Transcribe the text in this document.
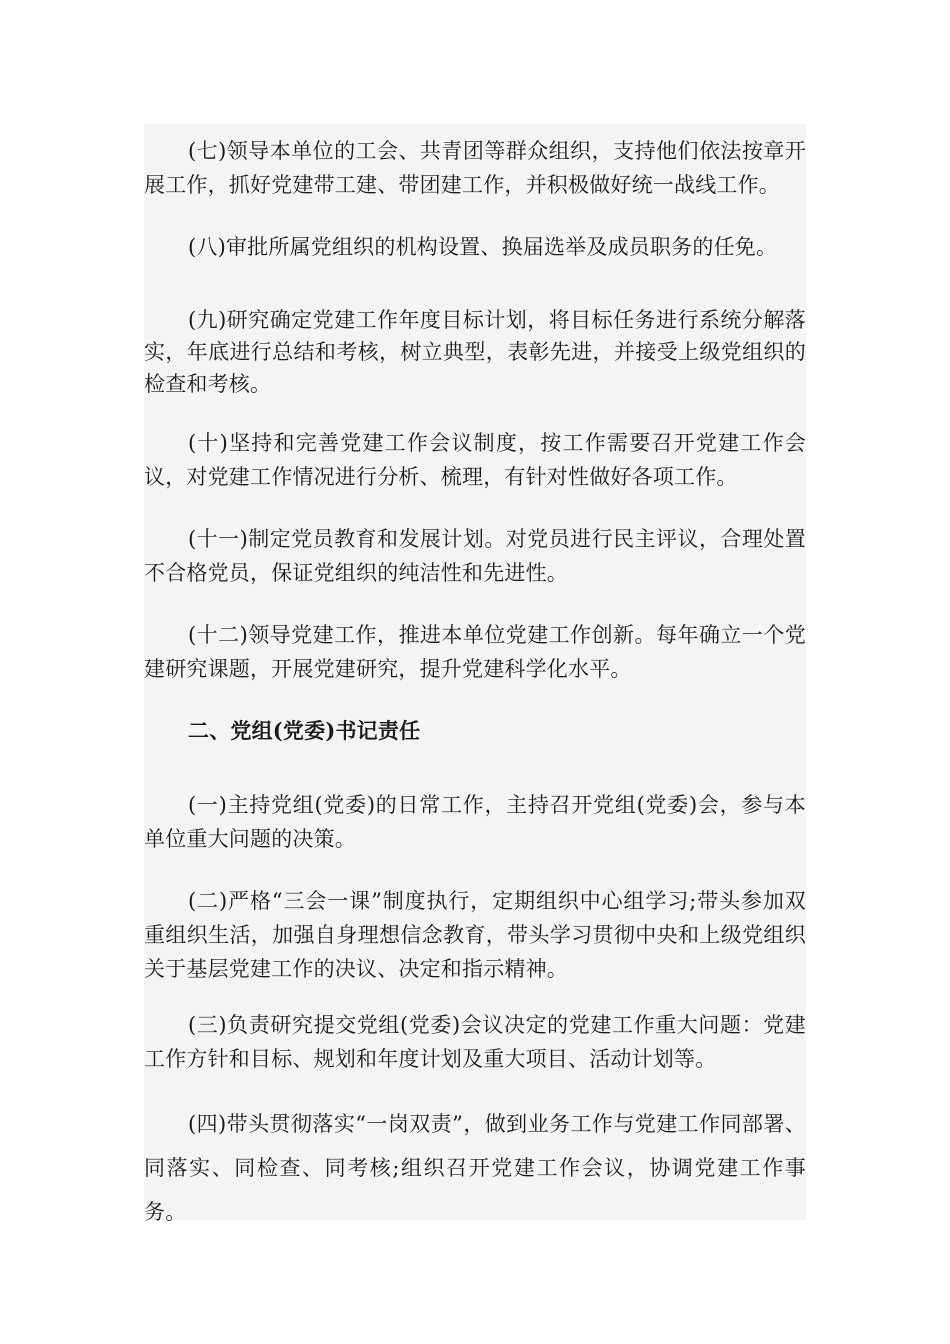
(七)领导本单位的工会、共青团等群众组织，支持他们依法按章开展工作，抓好党建带工建、带团建工作，并积极做好统一战线工作。

(八)审批所属党组织的机构设置、换届选举及成员职务的任免。

(九)研究确定党建工作年度目标计划，将目标任务进行系统分解落实，年底进行总结和考核，树立典型，表彰先进，并接受上级党组织的检查和考核。

(十)坚持和完善党建工作会议制度，按工作需要召开党建工作会议，对党建工作情况进行分析、梳理，有针对性做好各项工作。

(十一)制定党员教育和发展计划。对党员进行民主评议，合理处置不合格党员，保证党组织的纯洁性和先进性。

(十二)领导党建工作，推进本单位党建工作创新。每年确立一个党建研究课题，开展党建研究，提升党建科学化水平。

二、党组(党委)书记责任

(一)主持党组(党委)的日常工作，主持召开党组(党委)会，参与本单位重大问题的决策。

(二)严格“三会一课”制度执行，定期组织中心组学习;带头参加双重组织生活，加强自身理想信念教育，带头学习贯彻中央和上级党组织关于基层党建工作的决议、决定和指示精神。

(三)负责研究提交党组(党委)会议决定的党建工作重大问题：党建工作方针和目标、规划和年度计划及重大项目、活动计划等。

(四)带头贯彻落实“一岗双责”，做到业务工作与党建工作同部署、同落实、同检查、同考核;组织召开党建工作会议，协调党建工作事务。
